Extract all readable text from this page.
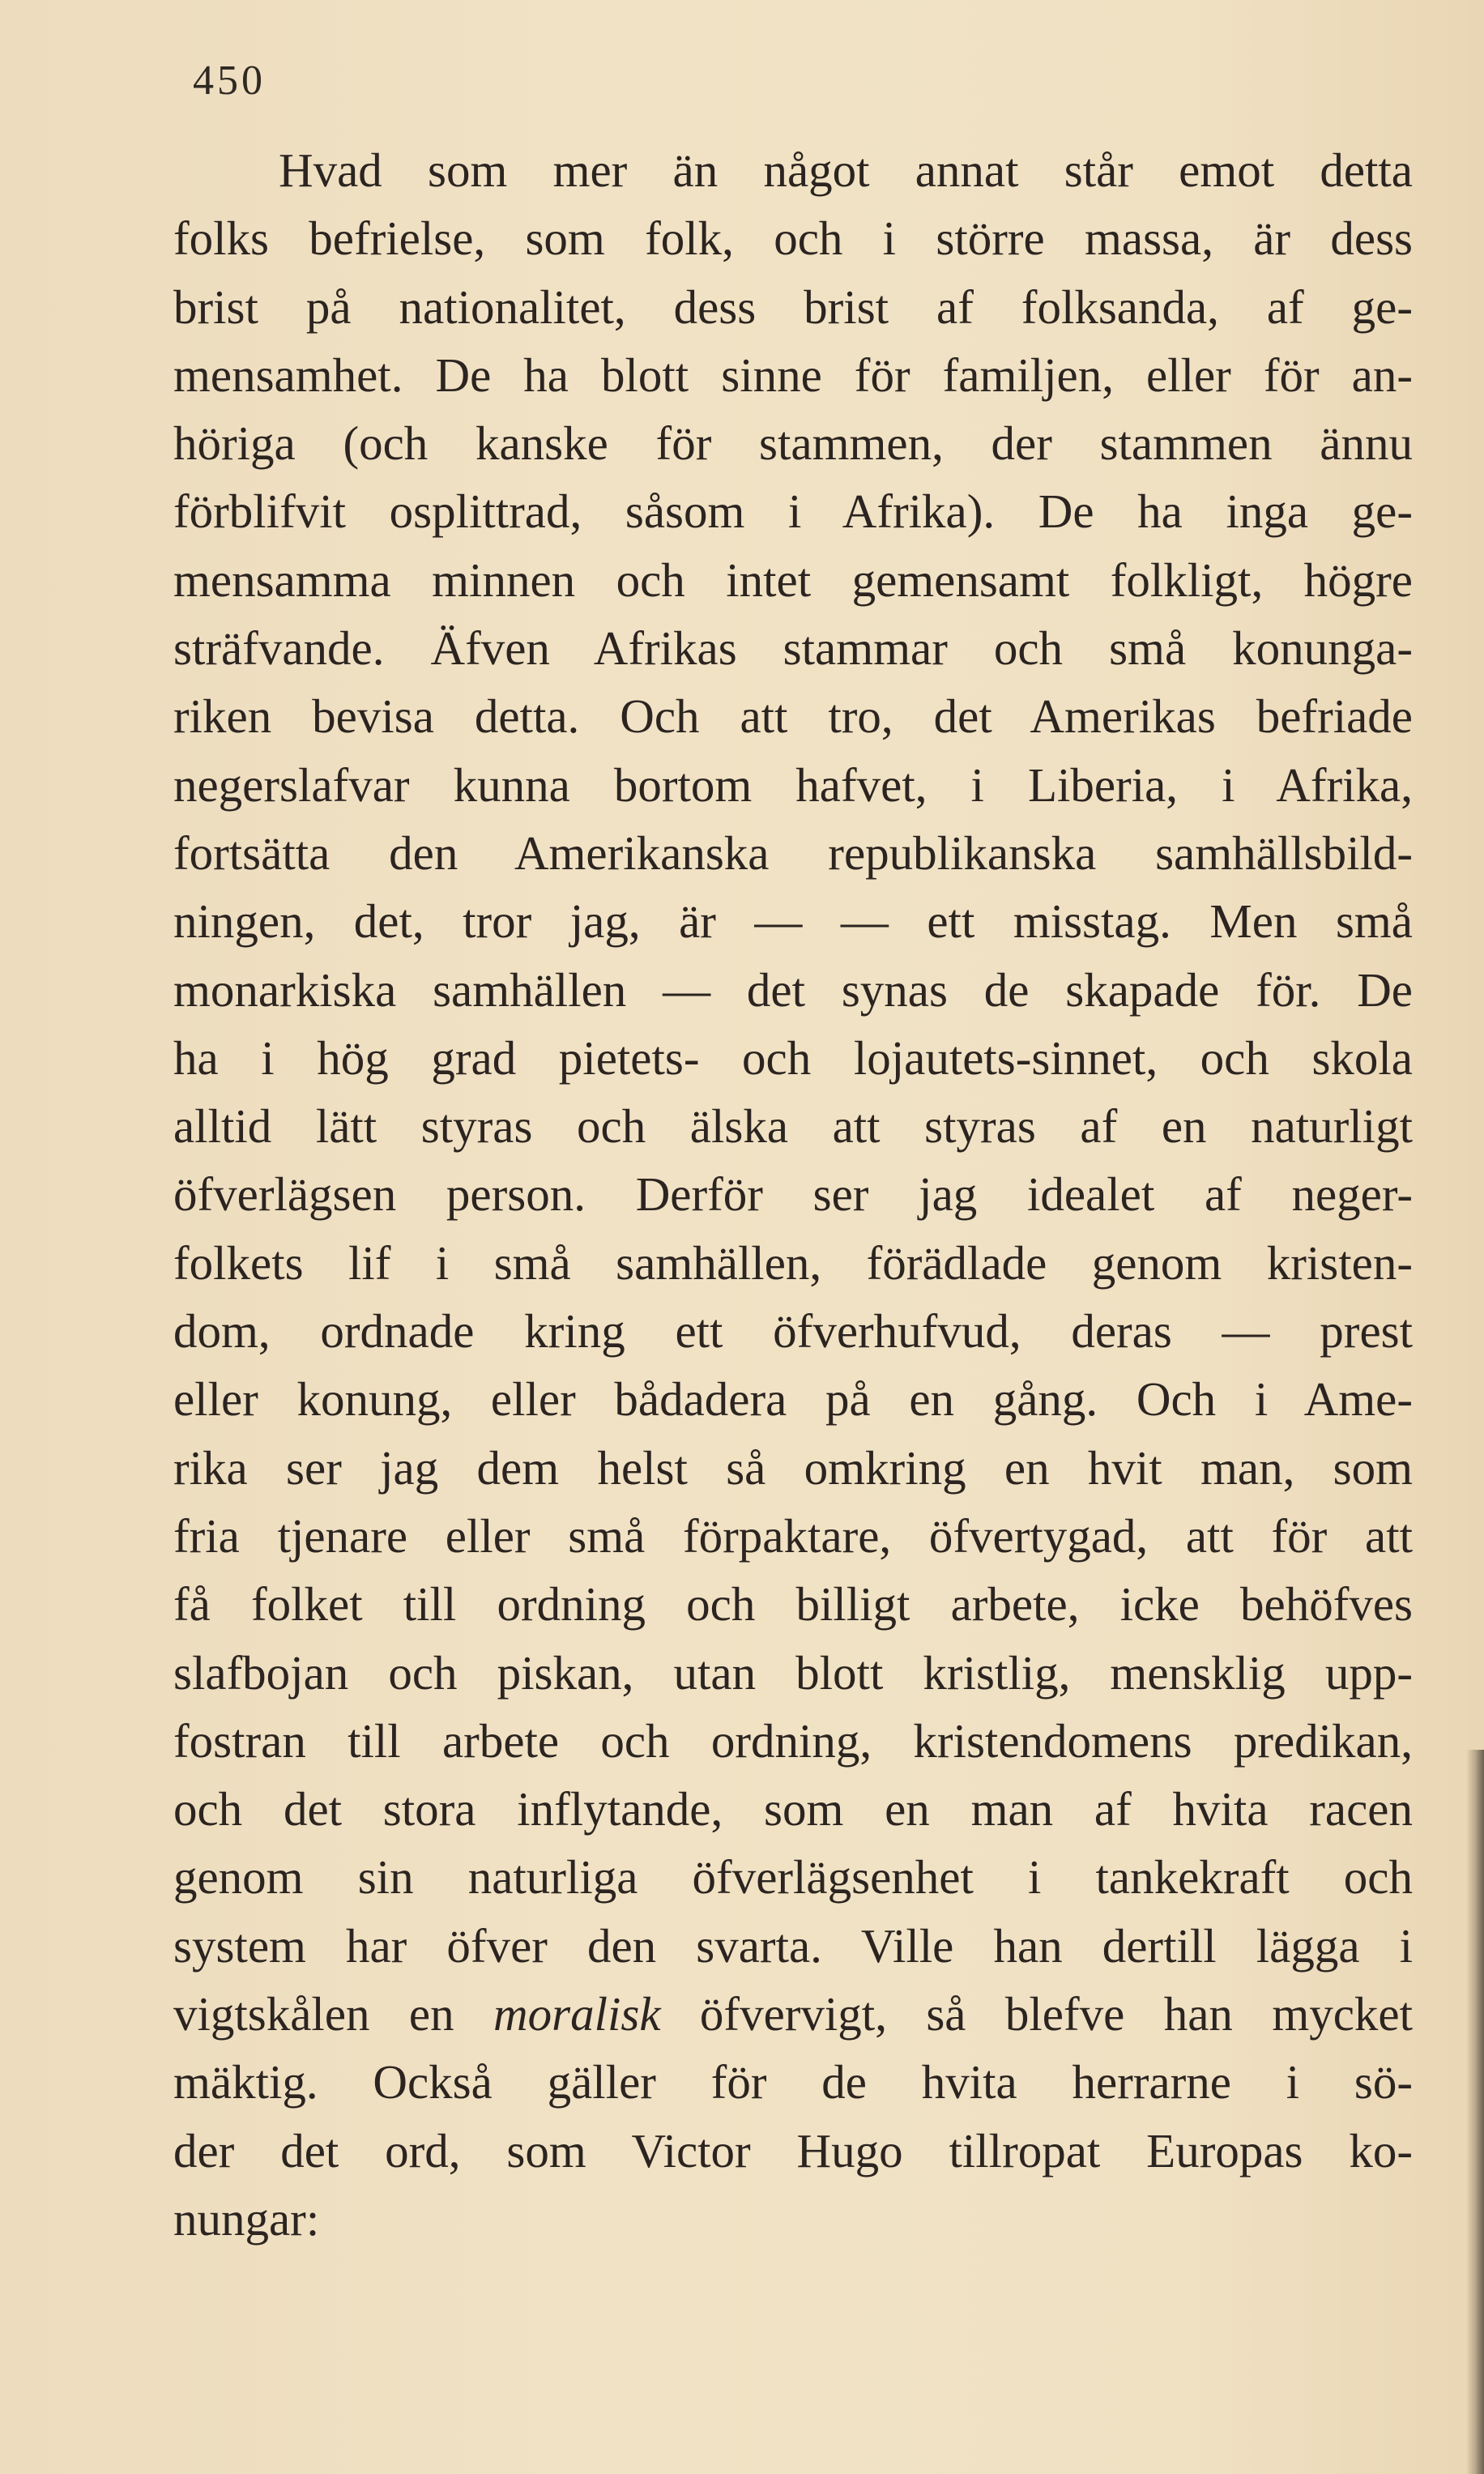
450

Hvad som mer än något annat står emot detta

folks befrielse, som folk, och i större massa, är dess

brist på nationalitet, dess brist af folksanda, af ge-

mensamhet. De ha blott sinne för familjen, eller för an-

höriga (och kanske för stammen, der stammen ännu

förblifvit osplittrad, såsom i Afrika). De ha inga ge-

mensamma minnen och intet gemensamt folkligt, högre

sträfvande. Äfven Afrikas stammar och små konunga-

riken bevisa detta. Och att tro, det Amerikas befriade

negerslafvar kunna bortom hafvet, i Liberia, i Afrika,

fortsätta den Amerikanska republikanska samhällsbild-

ningen, det, tror jag, är — — ett misstag. Men små

monarkiska samhällen — det synas de skapade för. De

ha i hög grad pietets- och lojautets-sinnet, och skola

alltid lätt styras och älska att styras af en naturligt

öfverlägsen person. Derför ser jag idealet af neger-

folkets lif i små samhällen, förädlade genom kristen-

dom, ordnade kring ett öfverhufvud, deras — prest

eller konung, eller bådadera på en gång. Och i Ame-

rika ser jag dem helst så omkring en hvit man, som

fria tjenare eller små förpaktare, öfvertygad, att för att

få folket till ordning och billigt arbete, icke behöfves

slafbojan och piskan, utan blott kristlig, mensklig upp-

fostran till arbete och ordning, kristendomens predikan,

och det stora inflytande, som en man af hvita racen

genom sin naturliga öfverlägsenhet i tankekraft och

system har öfver den svarta. Ville han dertill lägga i

vigtskålen en moralisk öfvervigt, så blefve han mycket

mäktig. Också gäller för de hvita herrarne i sö-

der det ord, som Victor Hugo tillropat Europas ko-

nungar:
